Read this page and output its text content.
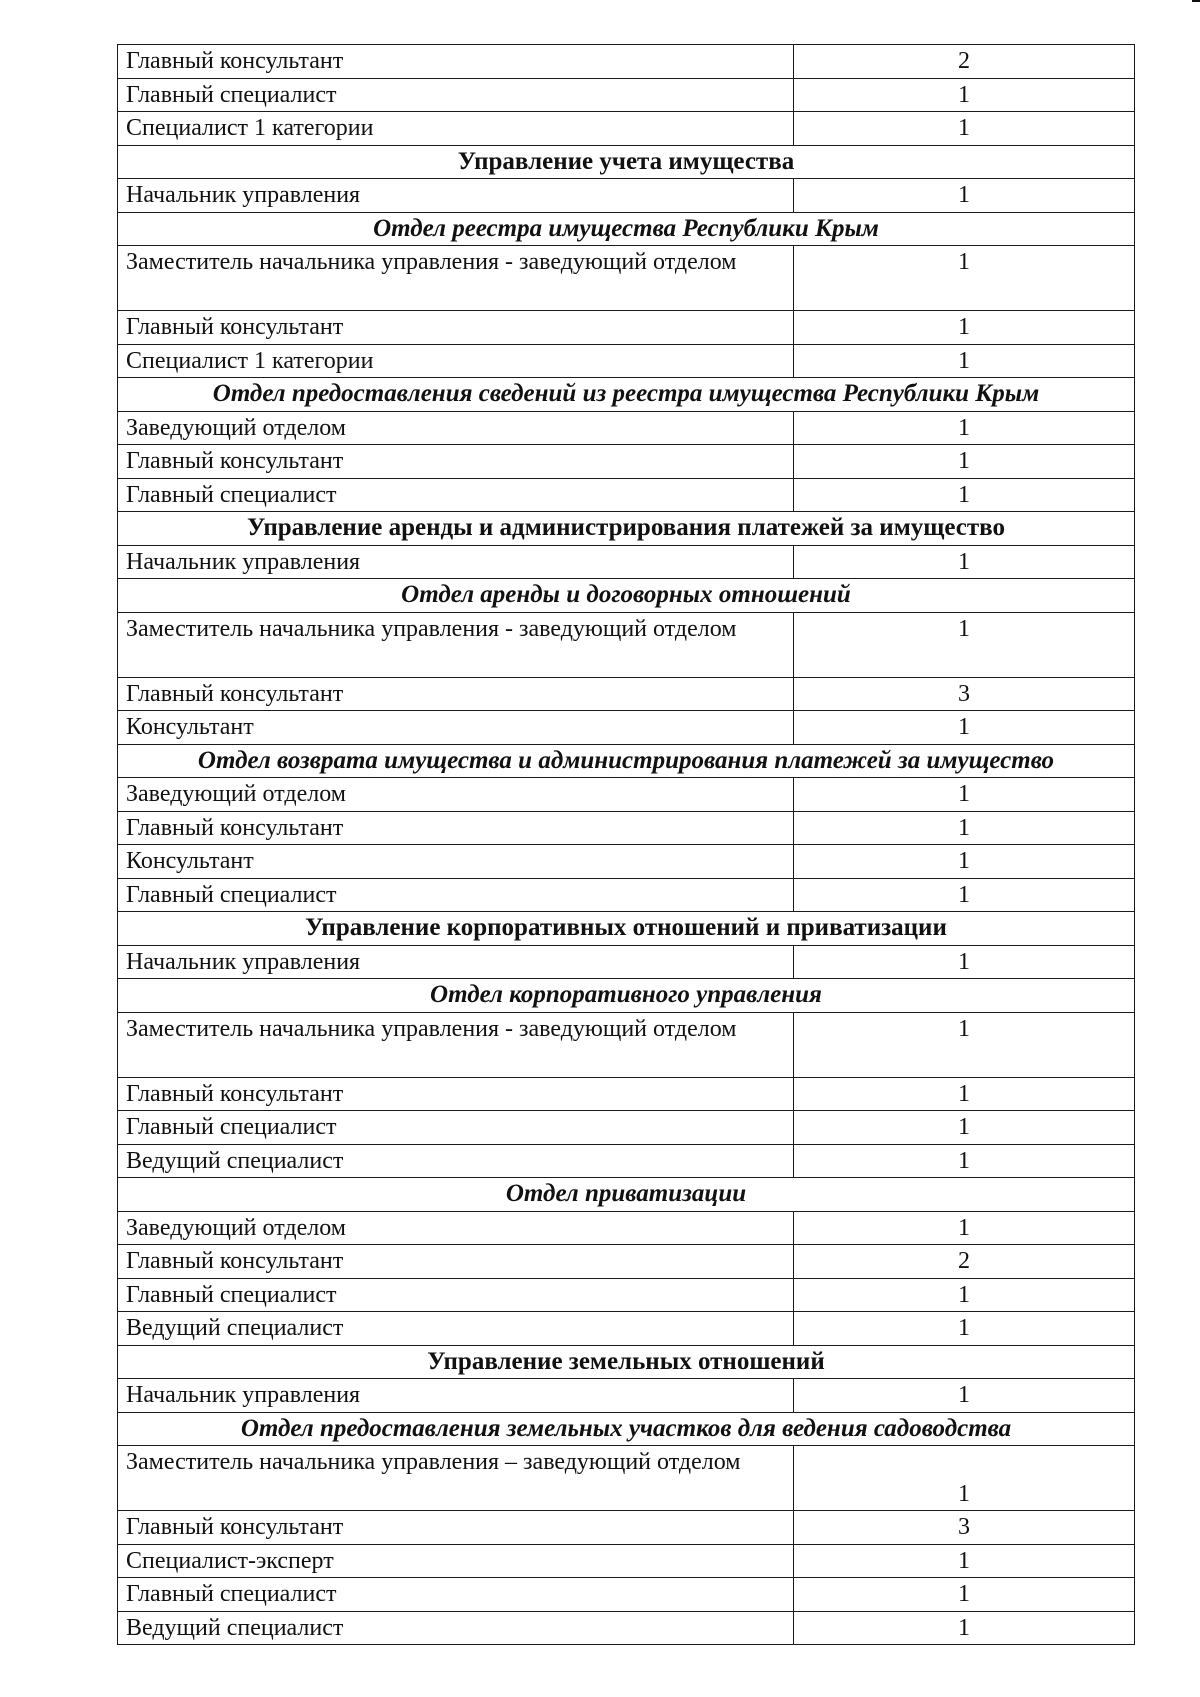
Главный консультант	2
Главный специалист	1
Специалист 1 категории	1
Управление учета имущества	
Начальник управления	1
Отдел реестра имущества Республики Крым	
Заместитель начальника управления - заведующий отделом	1
Главный консультант	1
Специалист 1 категории	1
Отдел предоставления сведений из реестра имущества Республики Крым	
Заведующий отделом	1
Главный консультант	1
Главный специалист	1
Управление аренды и администрирования платежей за имущество	
Начальник управления	1
Отдел аренды и договорных отношений	
Заместитель начальника управления - заведующий отделом	1
Главный консультант	3
Консультант	1
Отдел возврата имущества и администрирования платежей за имущество	
Заведующий отделом	1
Главный консультант	1
Консультант	1
Главный специалист	1
Управление корпоративных отношений и приватизации	
Начальник управления	1
Отдел корпоративного управления	
Заместитель начальника управления - заведующий отделом	1
Главный консультант	1
Главный специалист	1
Ведущий специалист	1
Отдел приватизации	
Заведующий отделом	1
Главный консультант	2
Главный специалист	1
Ведущий специалист	1
Управление земельных отношений	
Начальник управления	1
Отдел предоставления земельных участков для ведения садоводства	
Заместитель начальника управления – заведующий отделом	1
Главный консультант	3
Специалист-эксперт	1
Главный специалист	1
Ведущий специалист	1
